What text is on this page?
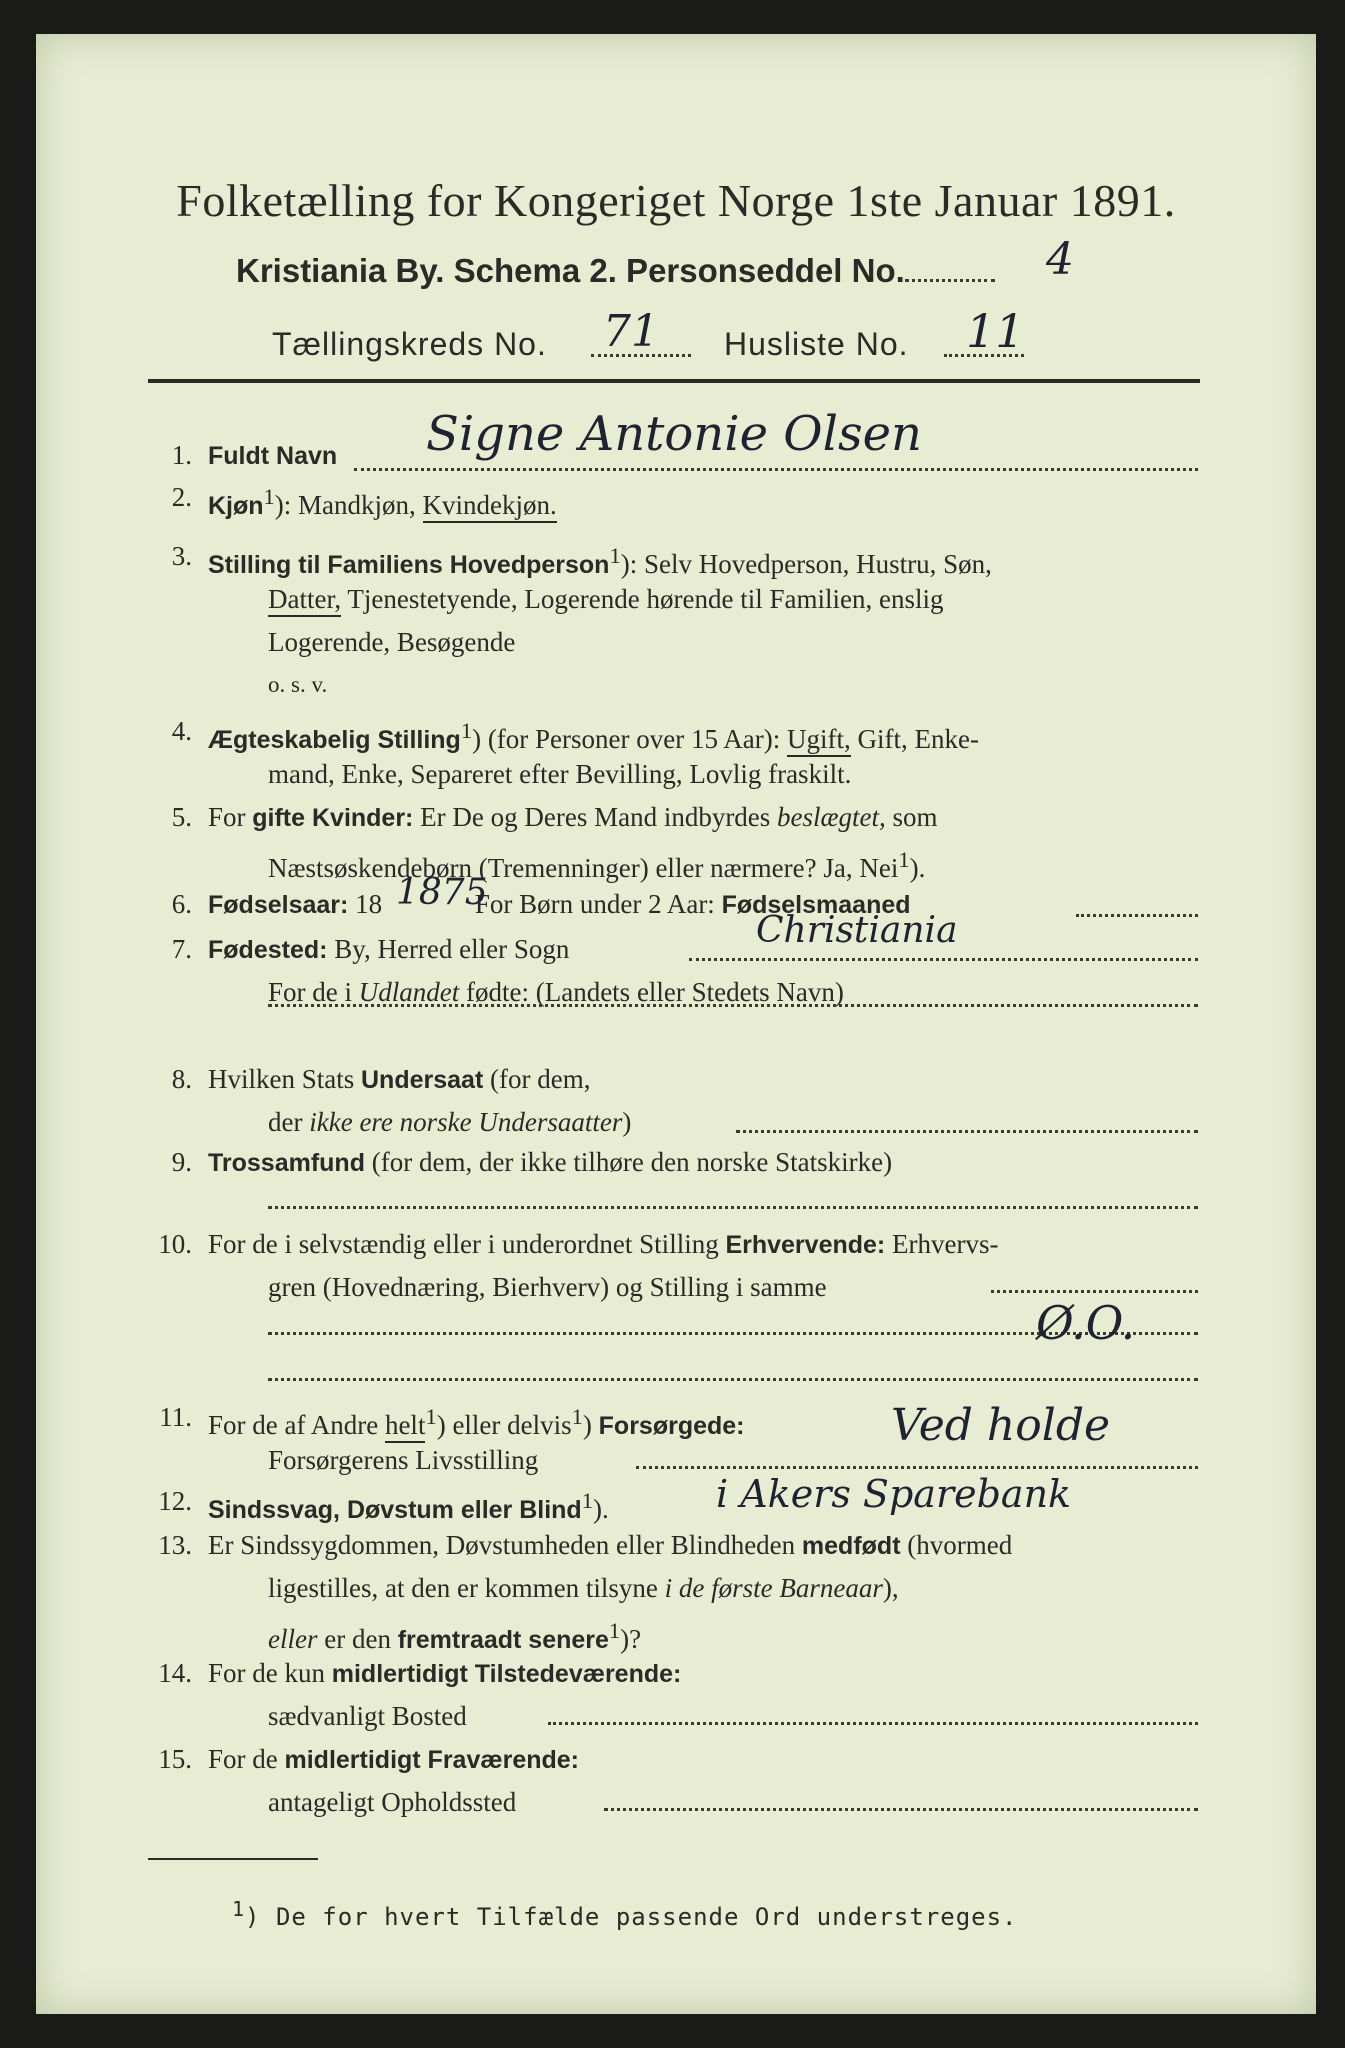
Folketælling for Kongeriget Norge 1ste Januar 1891.
Kristiania By. Schema 2. Personseddel No.	4
Tællingskreds No. 71 Husliste No. 11
1. Fuldt Navn	Signe Antonie Olsen
2. Kjøn$^1$): Mandkjøn, Kvindekjøn.
3. Stilling til Familiens Hovedperson$^1$): Selv Hovedperson, Hustru, Søn,
Datter, Tjenestetyende, Logerende hørende til Familien, enslig
Logerende, Besøgende
o. s. v.
4. Ægteskabelig Stilling$^1$) (for Personer over 15 Aar): Ugift, Gift, Enke-
mand, Enke, Separeret efter Bevilling, Lovlig fraskilt.
5. For gifte Kvinder: Er De og Deres Mand indbyrdes beslægtet, som
Næstsøskendebørn (Tremenninger) eller nærmere? Ja, Nei$^1$).
6. Fødselsaar: 18	For Børn under 2 Aar: Fødselsmaaned
1875
7. Fødested: By, Herred eller Sogn
For de i Udlandet fødte: (Landets eller Stedets Navn)
Christiania
8. Hvilken Stats Undersaat (for dem,
der ikke ere norske Undersaatter)
9. Trossamfund (for dem, der ikke tilhøre den norske Statskirke)
10. For de i selvstændig eller i underordnet Stilling Erhvervende: Erhvervs-
gren (Hovednæring, Bierhverv) og Stilling i samme
Ø.O.
11. For de af Andre helt$^1$) eller delvis$^1$) Forsørgede:
Forsørgerens Livsstilling
Ved holde
12. Sindssvag, Døvstum eller Blind$^1$).	i Akers Sparebank
13. Er Sindssygdommen, Døvstumheden eller Blindheden medfødt (hvormed
ligestilles, at den er kommen tilsyne i de første Barneaar),
eller er den fremtraadt senere$^1$)?
14. For de kun midlertidigt Tilstedeværende:
sædvanligt Bosted
15. For de midlertidigt Fraværende:
antageligt Opholdssted
$^1$) De for hvert Tilfælde passende Ord understreges.
